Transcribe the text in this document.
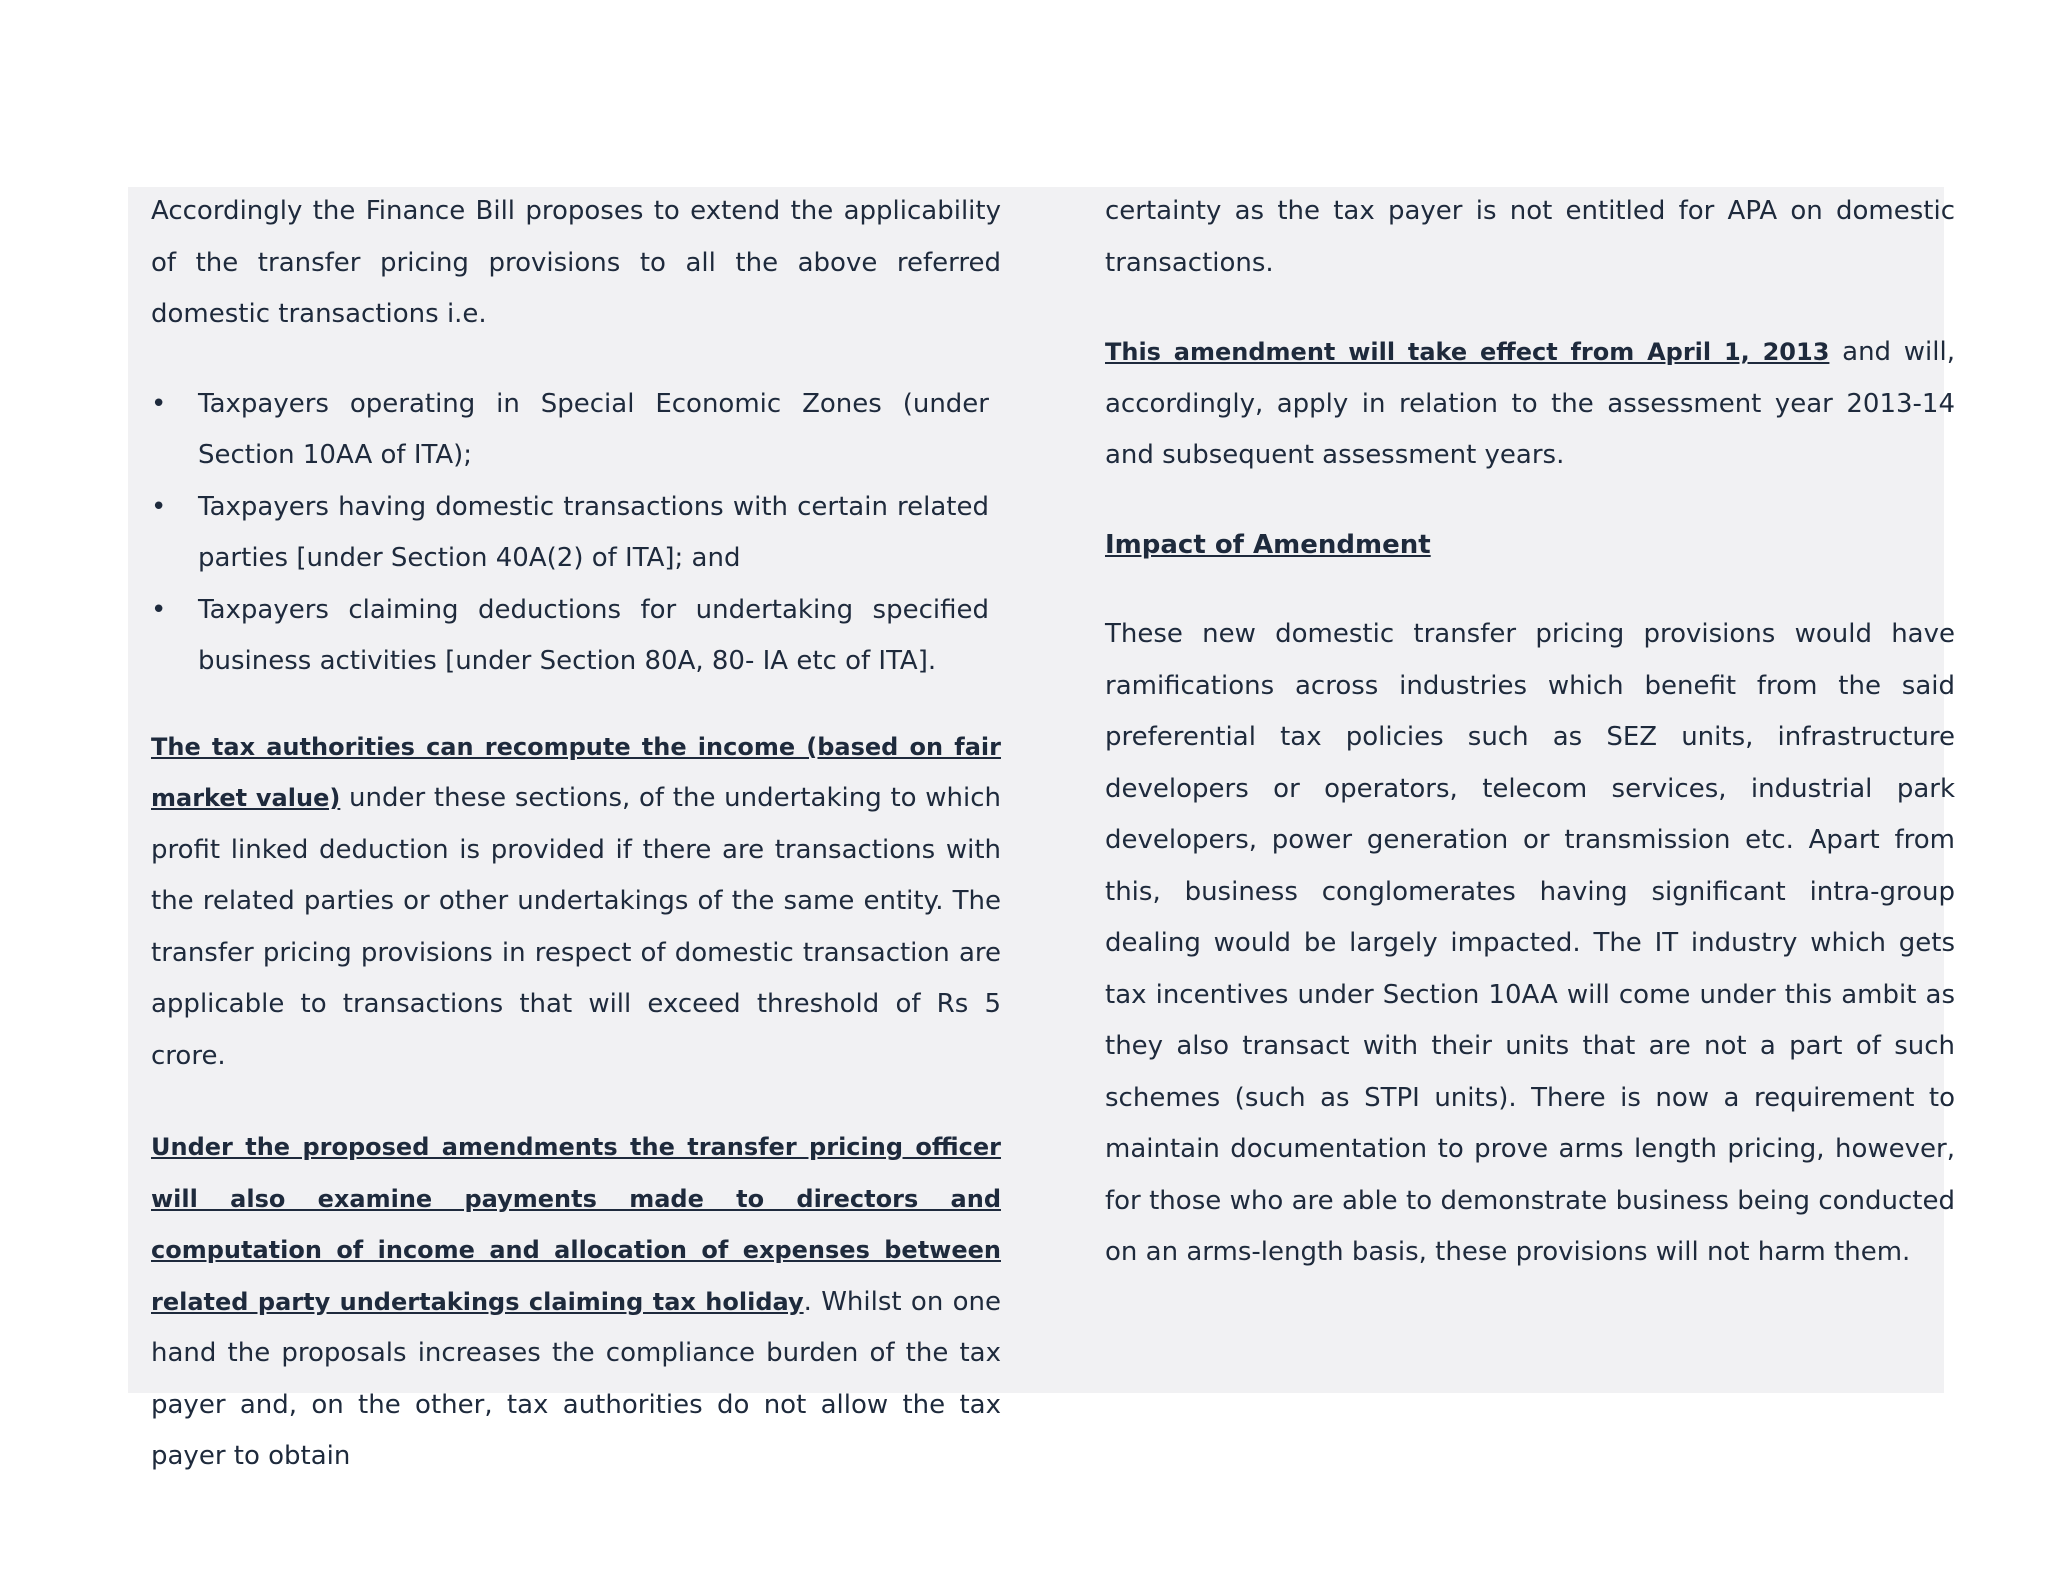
Accordingly the Finance Bill proposes to extend the applicability of the transfer pricing provisions to all the above referred domestic transactions i.e.

• Taxpayers operating in Special Economic Zones (under Section 10AA of ITA);
• Taxpayers having domestic transactions with certain related parties [under Section 40A(2) of ITA]; and
• Taxpayers claiming deductions for undertaking specified business activities [under Section 80A, 80- IA etc of ITA].

The tax authorities can recompute the income (based on fair market value) under these sections, of the undertaking to which profit linked deduction is provided if there are transactions with the related parties or other undertakings of the same entity. The transfer pricing provisions in respect of domestic transaction are applicable to transactions that will exceed threshold of Rs 5 crore.

Under the proposed amendments the transfer pricing officer will also examine payments made to directors and computation of income and allocation of expenses between related party undertakings claiming tax holiday. Whilst on one hand the proposals increases the compliance burden of the tax payer and, on the other, tax authorities do not allow the tax payer to obtain

certainty as the tax payer is not entitled for APA on domestic transactions.

This amendment will take effect from April 1, 2013 and will, accordingly, apply in relation to the assessment year 2013-14 and subsequent assessment years.

Impact of Amendment

These new domestic transfer pricing provisions would have ramifications across industries which benefit from the said preferential tax policies such as SEZ units, infrastructure developers or operators, telecom services, industrial park developers, power generation or transmission etc. Apart from this, business conglomerates having significant intra-group dealing would be largely impacted. The IT industry which gets tax incentives under Section 10AA will come under this ambit as they also transact with their units that are not a part of such schemes (such as STPI units). There is now a requirement to maintain documentation to prove arms length pricing, however, for those who are able to demonstrate business being conducted on an arms-length basis, these provisions will not harm them.
